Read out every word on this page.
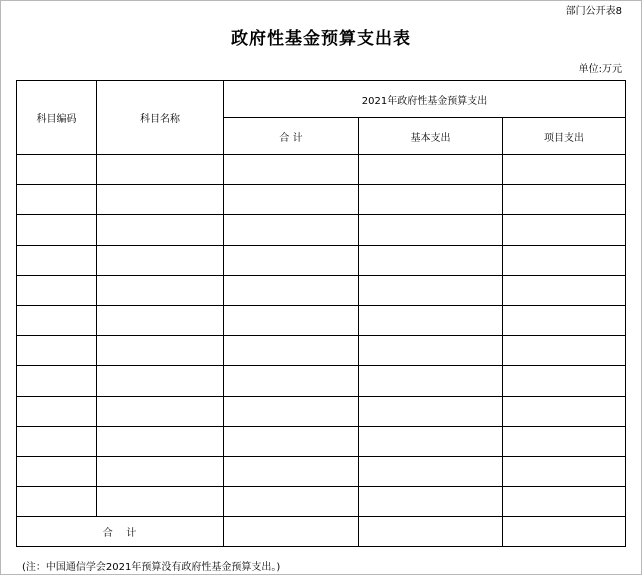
部门公开表8
政府性基金预算支出表
单位:万元
科目编码	科目名称	2021年政府性基金预算支出		
		合 计	基本支出	项目支出

合   计				
(注：中国通信学会2021年预算没有政府性基金预算支出。)
